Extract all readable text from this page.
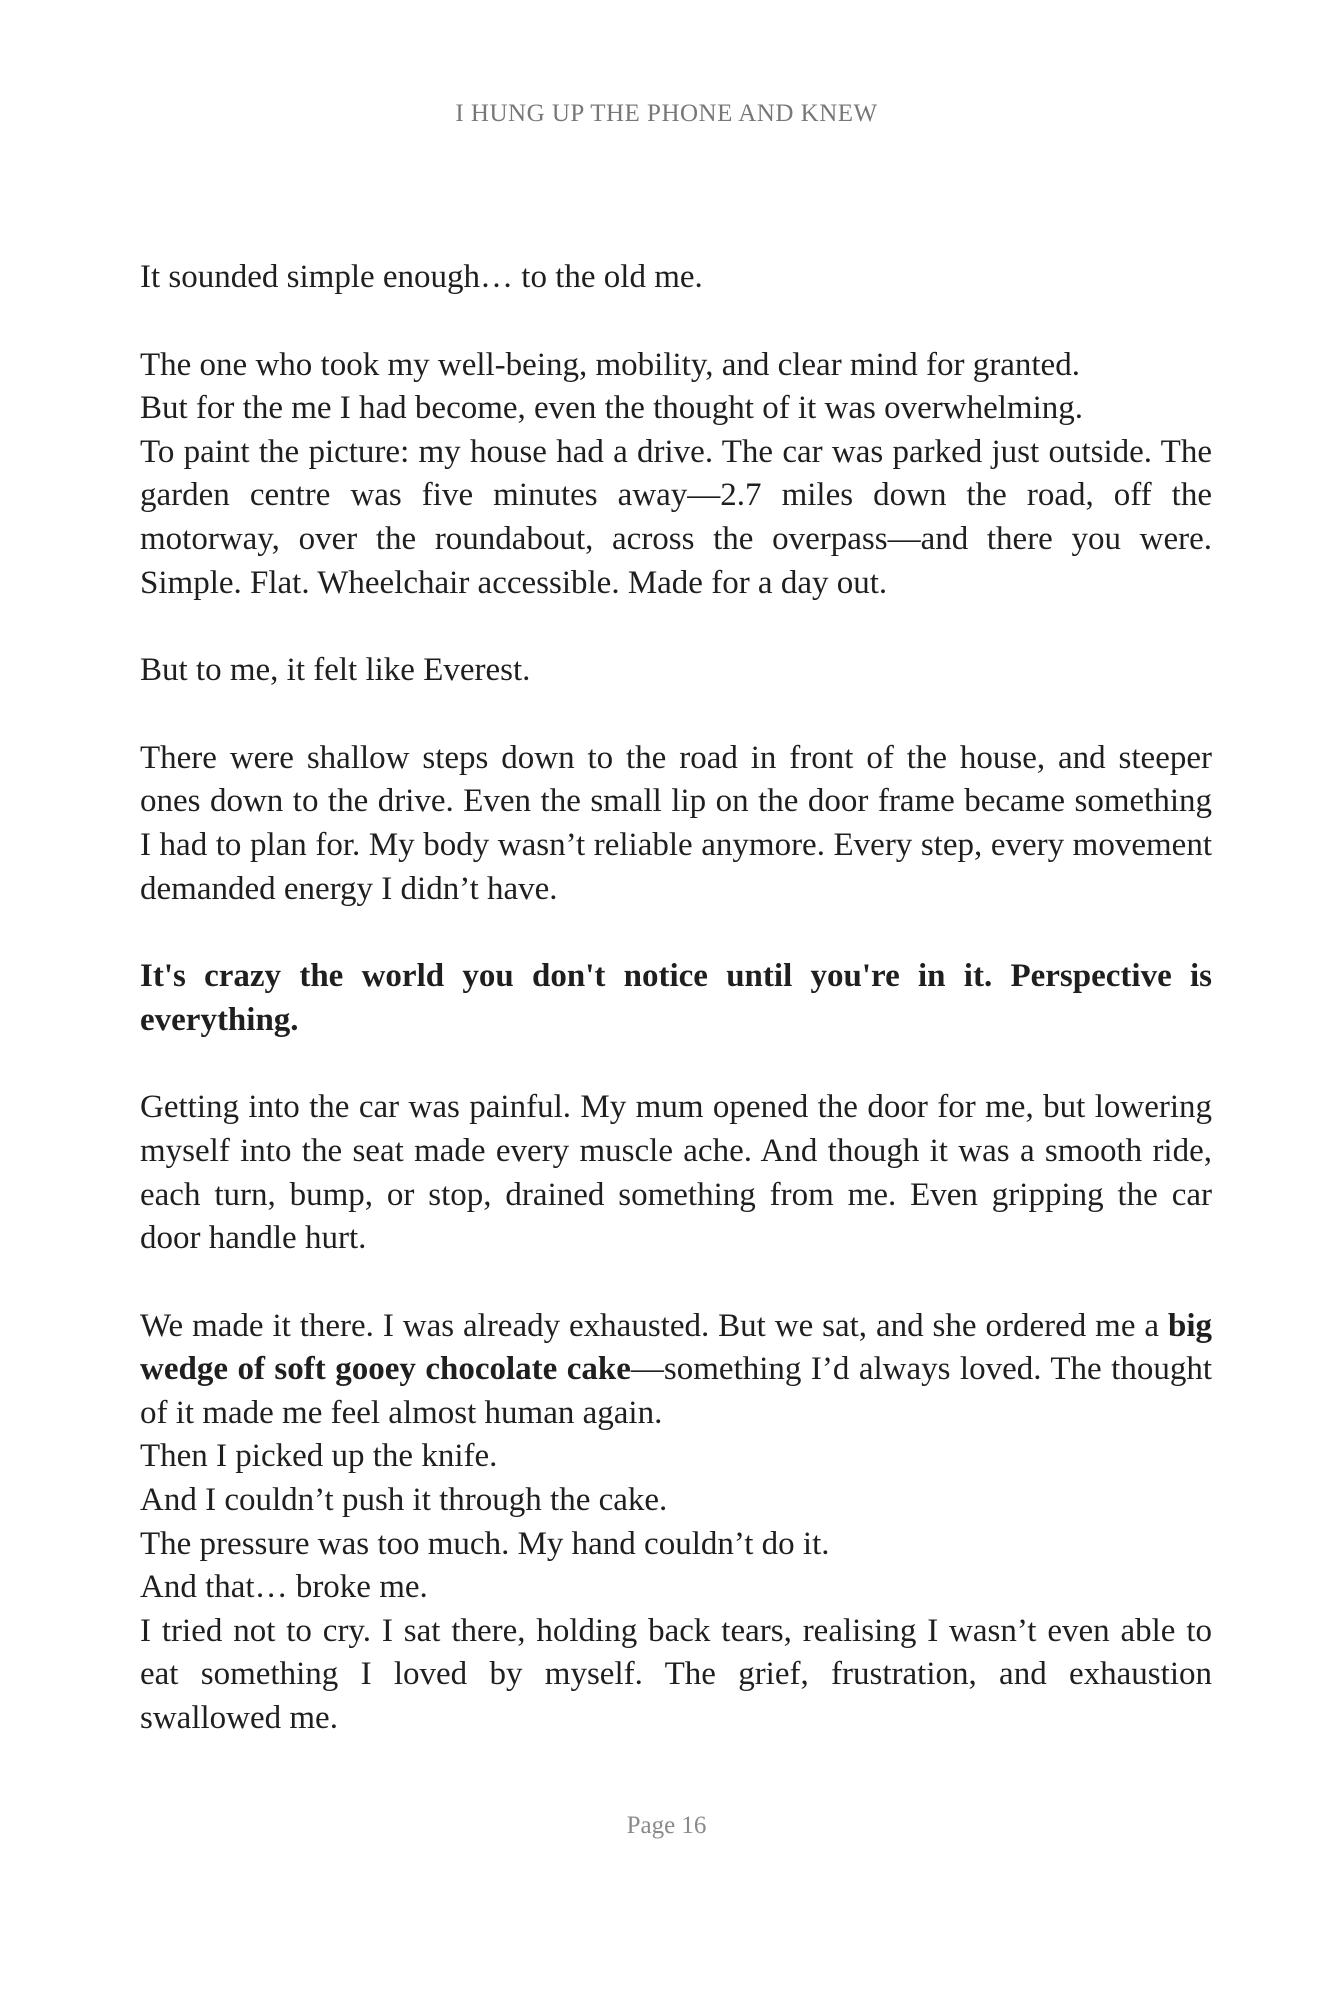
I HUNG UP THE PHONE AND KNEW

It sounded simple enough… to the old me.

The one who took my well-being, mobility, and clear mind for granted.

But for the me I had become, even the thought of it was overwhelming.

To paint the picture: my house had a drive. The car was parked just outside. The garden centre was five minutes away—2.7 miles down the road, off the motorway, over the roundabout, across the overpass—and there you were. Simple. Flat. Wheelchair accessible. Made for a day out.

But to me, it felt like Everest.

There were shallow steps down to the road in front of the house, and steeper ones down to the drive. Even the small lip on the door frame became something I had to plan for. My body wasn’t reliable anymore. Every step, every movement demanded energy I didn’t have.

It's crazy the world you don't notice until you're in it. Perspective is everything.

Getting into the car was painful. My mum opened the door for me, but lowering myself into the seat made every muscle ache. And though it was a smooth ride, each turn, bump, or stop, drained something from me. Even gripping the car door handle hurt.

We made it there. I was already exhausted. But we sat, and she ordered me a big wedge of soft gooey chocolate cake—something I’d always loved. The thought of it made me feel almost human again.

Then I picked up the knife.

And I couldn’t push it through the cake.

The pressure was too much. My hand couldn’t do it.

And that… broke me.

I tried not to cry. I sat there, holding back tears, realising I wasn’t even able to eat something I loved by myself. The grief, frustration, and exhaustion swallowed me.

Page 16
